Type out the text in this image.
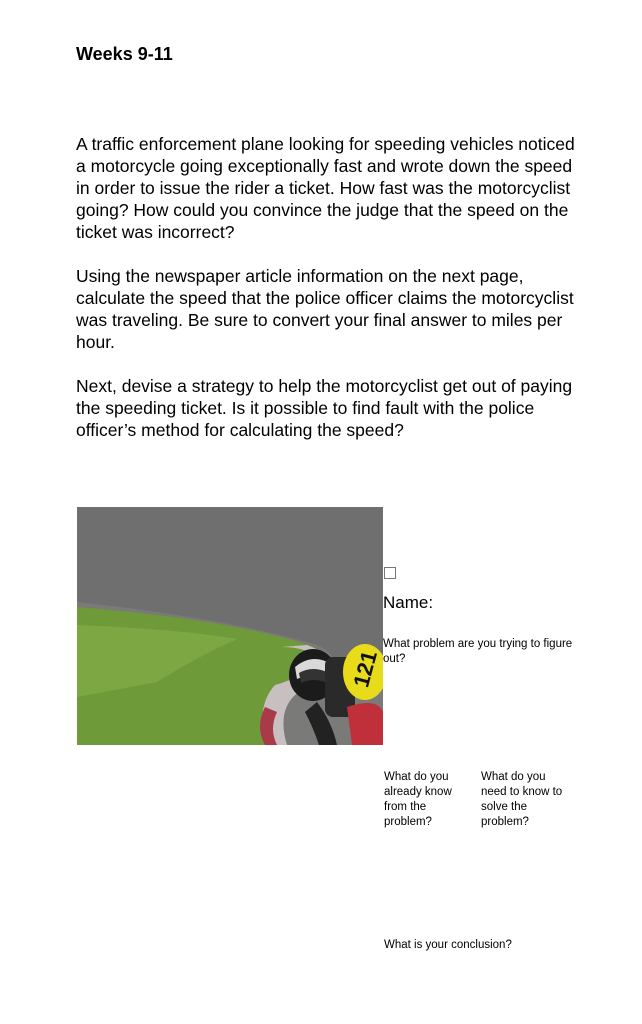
Weeks 9-11

A traffic enforcement plane looking for speeding vehicles noticed a motorcycle going exceptionally fast and wrote down the speed in order to issue the rider a ticket. How fast was the motorcyclist going? How could you convince the judge that the speed on the ticket was incorrect?

Using the newspaper article information on the next page, calculate the speed that the police officer claims the motorcyclist was traveling. Be sure to convert your final answer to miles per hour.

Next, devise a strategy to help the motorcyclist get out of paying the speeding ticket. Is it possible to find fault with the police officer’s method for calculating the speed?

121

Name:

What problem are you trying to figure out?

What do you already know from the problem?

What do you need to know to solve the problem?

What is your conclusion?
